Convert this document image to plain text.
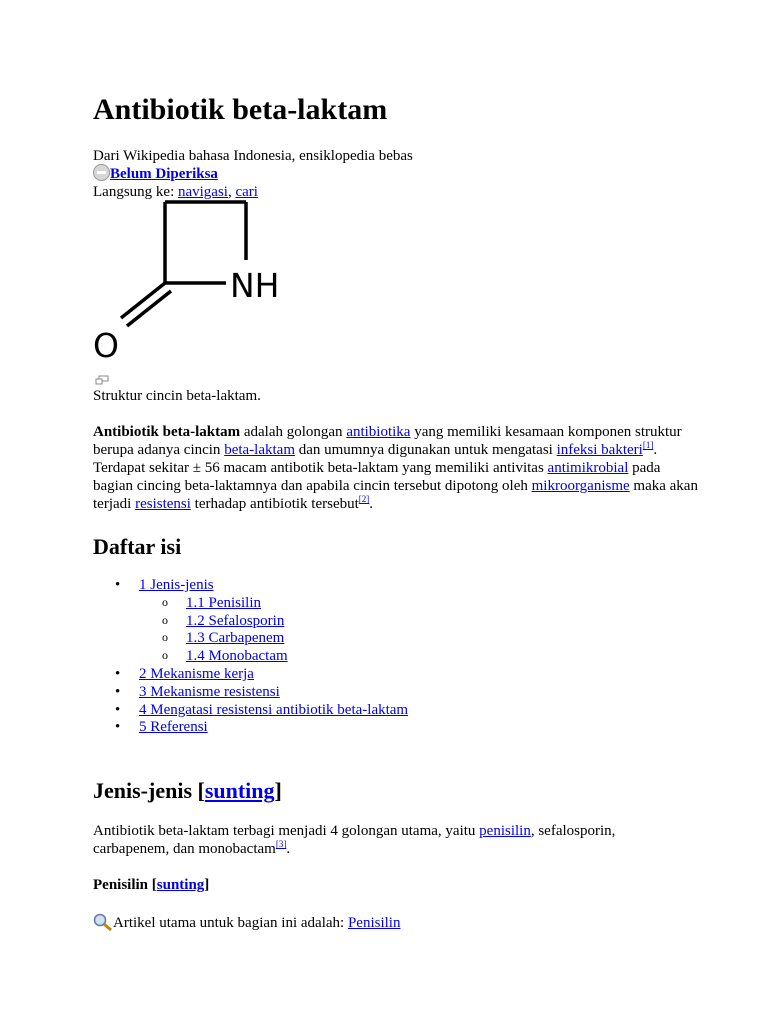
Antibiotik beta-laktam
Dari Wikipedia bahasa Indonesia, ensiklopedia bebas
Belum Diperiksa
Langsung ke: navigasi, cari
NH
O
Struktur cincin beta-laktam.

Antibiotik beta-laktam adalah golongan antibiotika yang memiliki kesamaan komponen struktur berupa adanya cincin beta-laktam dan umumnya digunakan untuk mengatasi infeksi bakteri[1]. Terdapat sekitar ± 56 macam antibotik beta-laktam yang memiliki antivitas antimikrobial pada bagian cincing beta-laktamnya dan apabila cincin tersebut dipotong oleh mikroorganisme maka akan terjadi resistensi terhadap antibiotik tersebut[2].

Daftar isi
• 1 Jenis-jenis
o 1.1 Penisilin
o 1.2 Sefalosporin
o 1.3 Carbapenem
o 1.4 Monobactam
• 2 Mekanisme kerja
• 3 Mekanisme resistensi
• 4 Mengatasi resistensi antibiotik beta-laktam
• 5 Referensi
Jenis-jenis [sunting]

Antibiotik beta-laktam terbagi menjadi 4 golongan utama, yaitu penisilin, sefalosporin, carbapenem, dan monobactam[3].

Penisilin [sunting]
Artikel utama untuk bagian ini adalah: Penisilin
